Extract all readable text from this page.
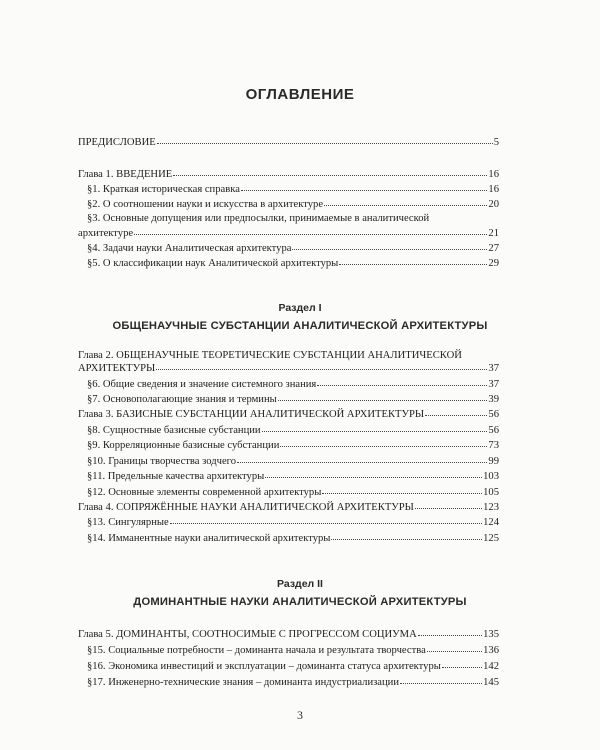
ОГЛАВЛЕНИЕ
ПРЕДИСЛОВИЕ	5
Глава 1. ВВЕДЕНИЕ	16
§1. Краткая историческая справка	16
§2. О соотношении науки и искусства в архитектуре	20
§3. Основные допущения или предпосылки, принимаемые в аналитической
архитектуре	21
§4. Задачи науки Аналитическая архитектура	27
§5. О классификации наук Аналитической архитектуры	29
Раздел I
ОБЩЕНАУЧНЫЕ СУБСТАНЦИИ АНАЛИТИЧЕСКОЙ АРХИТЕКТУРЫ
Глава 2. ОБЩЕНАУЧНЫЕ ТЕОРЕТИЧЕСКИЕ СУБСТАНЦИИ АНАЛИТИЧЕСКОЙ
АРХИТЕКТУРЫ	37
§6. Общие сведения и значение системного знания	37
§7. Основополагающие знания и термины	39
Глава 3. БАЗИСНЫЕ СУБСТАНЦИИ АНАЛИТИЧЕСКОЙ АРХИТЕКТУРЫ	56
§8. Сущностные базисные субстанции	56
§9. Корреляционные базисные субстанции	73
§10. Границы творчества зодчего	99
§11. Предельные качества архитектуры	103
§12. Основные элементы современной архитектуры	105
Глава 4. СОПРЯЖЁННЫЕ НАУКИ АНАЛИТИЧЕСКОЙ АРХИТЕКТУРЫ	123
§13. Сингулярные	124
§14. Имманентные науки аналитической архитектуры	125
Раздел II
ДОМИНАНТНЫЕ НАУКИ АНАЛИТИЧЕСКОЙ АРХИТЕКТУРЫ
Глава 5. ДОМИНАНТЫ, СООТНОСИМЫЕ С ПРОГРЕССОМ СОЦИУМА	135
§15. Социальные потребности – доминанта начала и результата творчества	136
§16. Экономика инвестиций и эксплуатации – доминанта статуса архитектуры	142
§17. Инженерно-технические знания – доминанта индустриализации	145
3
